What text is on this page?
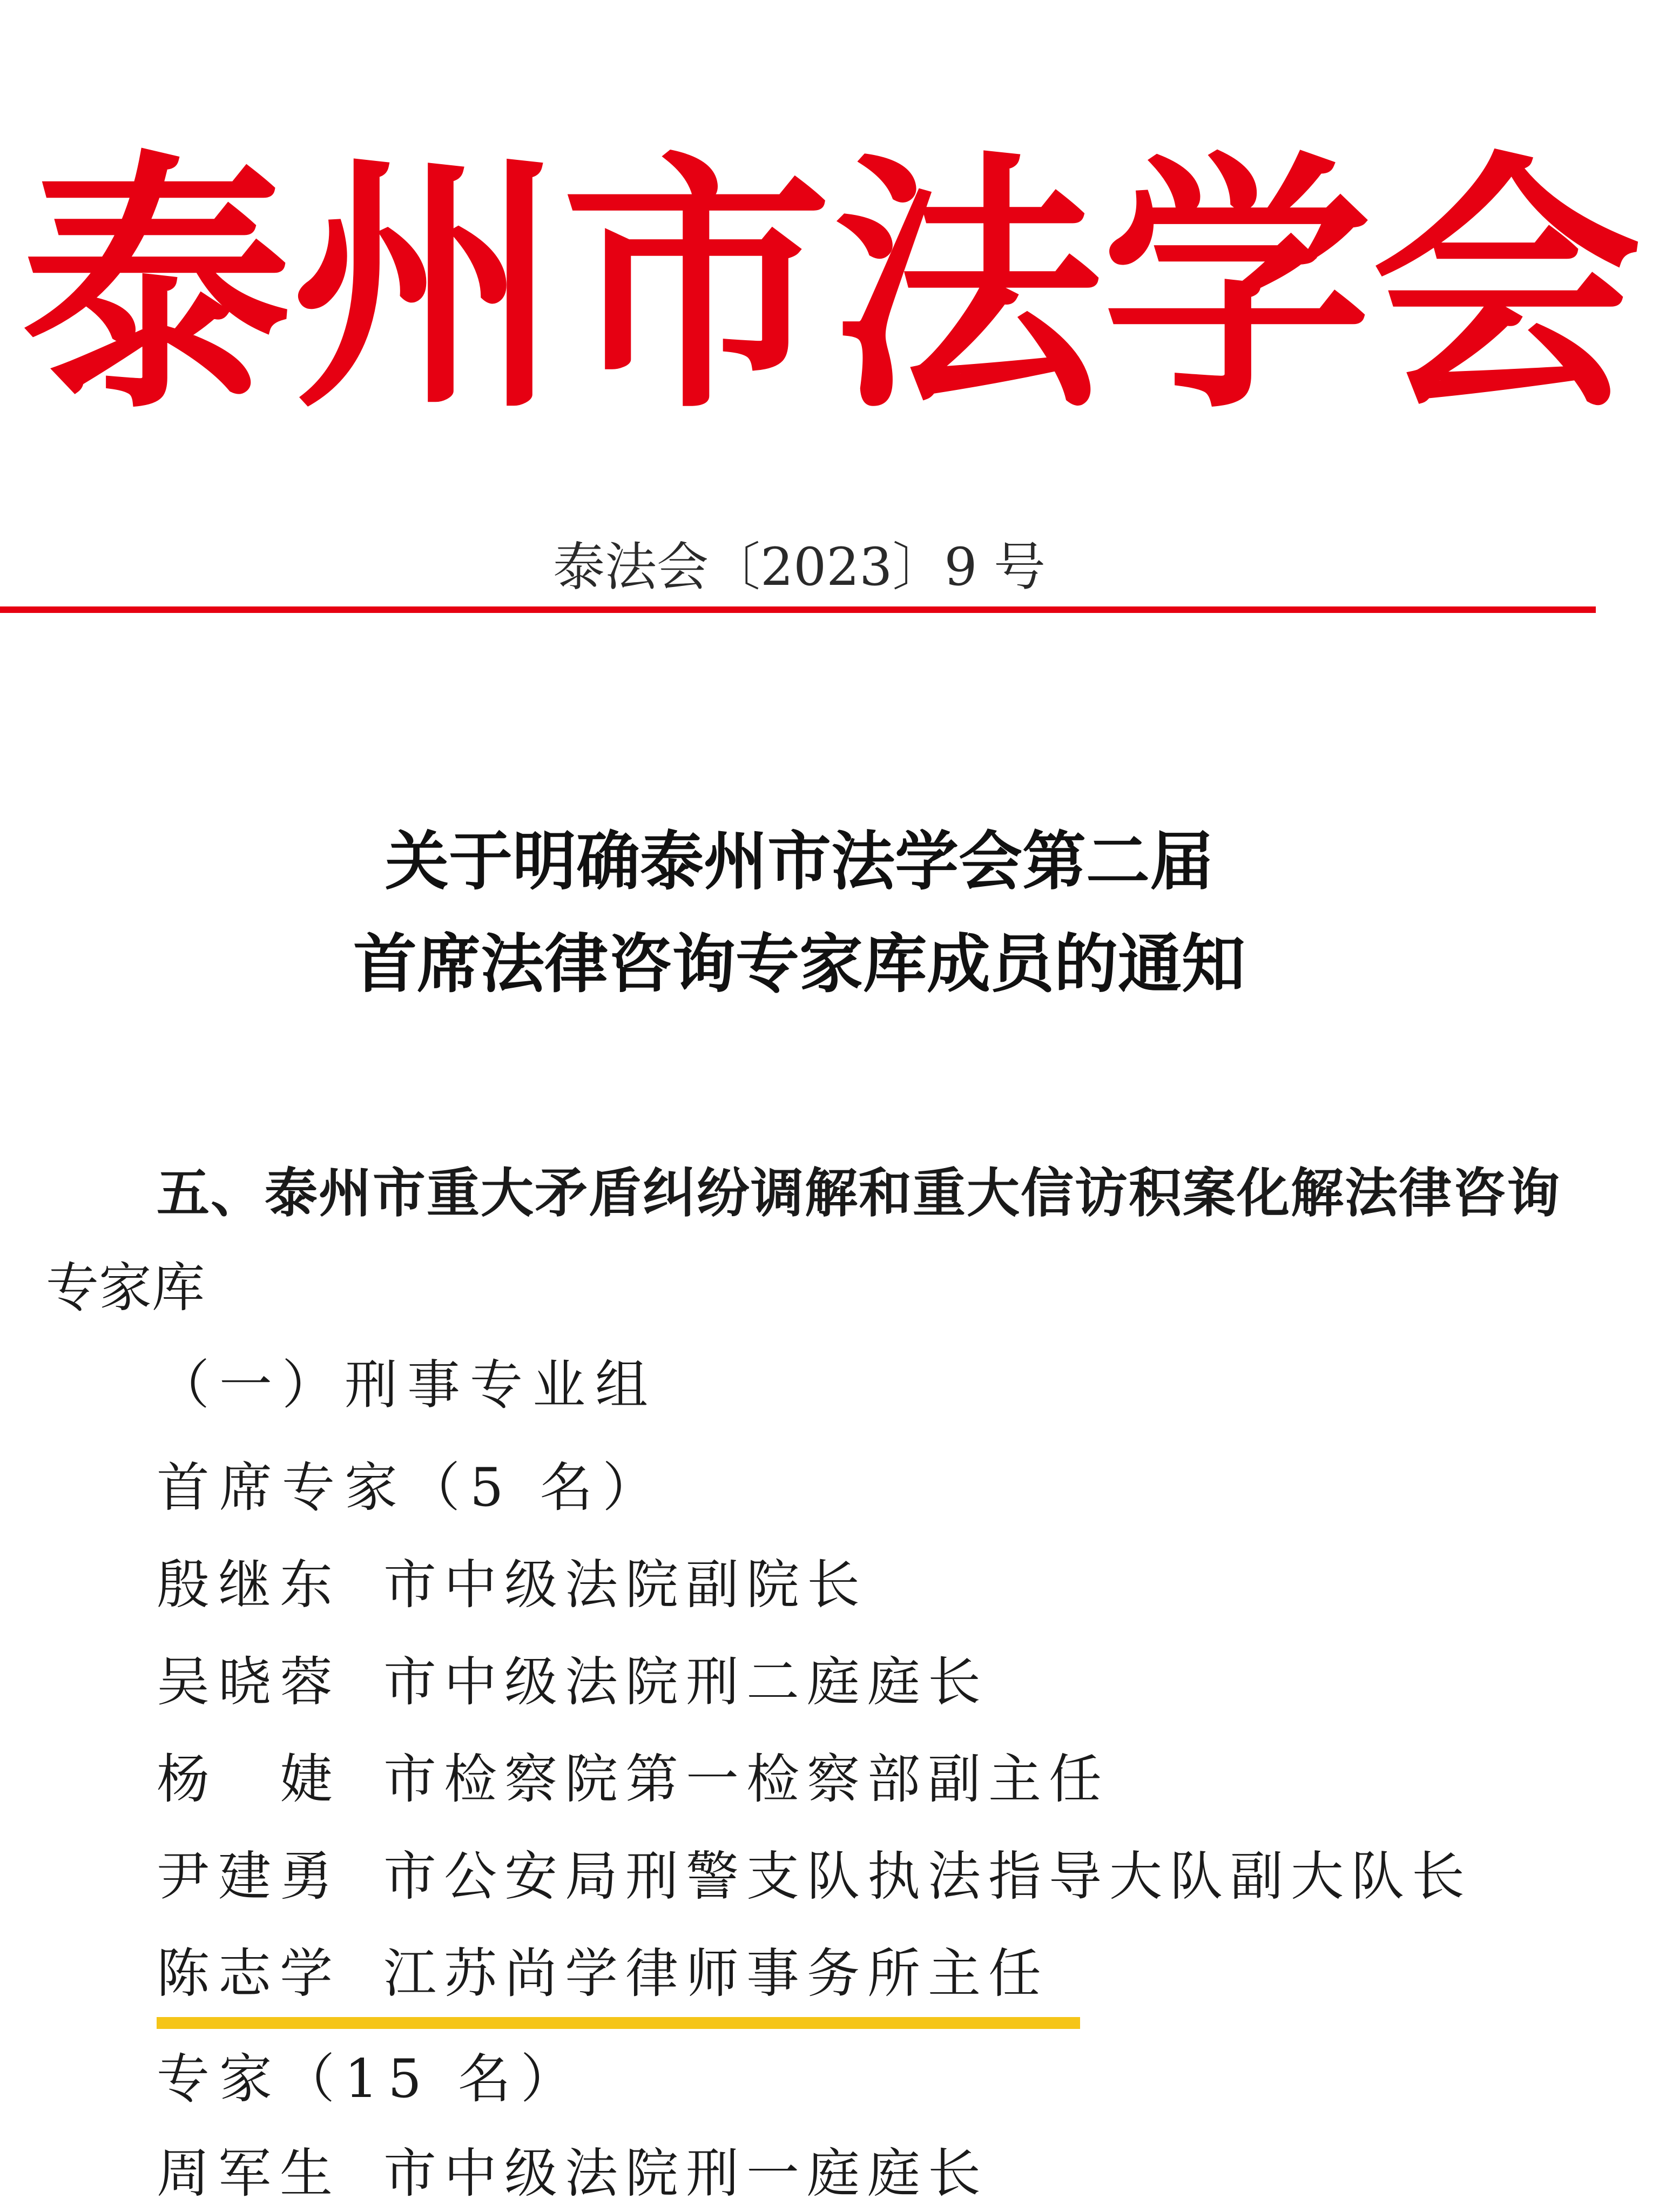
泰 州 市 法 学 会
泰法会〔2023〕9 号
关于明确泰州市法学会第二届
首席法律咨询专家库成员的通知
五、泰州市重大矛盾纠纷调解和重大信访积案化解法律咨询
专家库
（一）刑事专业组
首席专家（5 名）
殷继东 市中级法院副院长
吴晓蓉 市中级法院刑二庭庭长
杨　婕 市检察院第一检察部副主任
尹建勇 市公安局刑警支队执法指导大队副大队长
陈志学 江苏尚学律师事务所主任
专家（15 名）
周军生 市中级法院刑一庭庭长
